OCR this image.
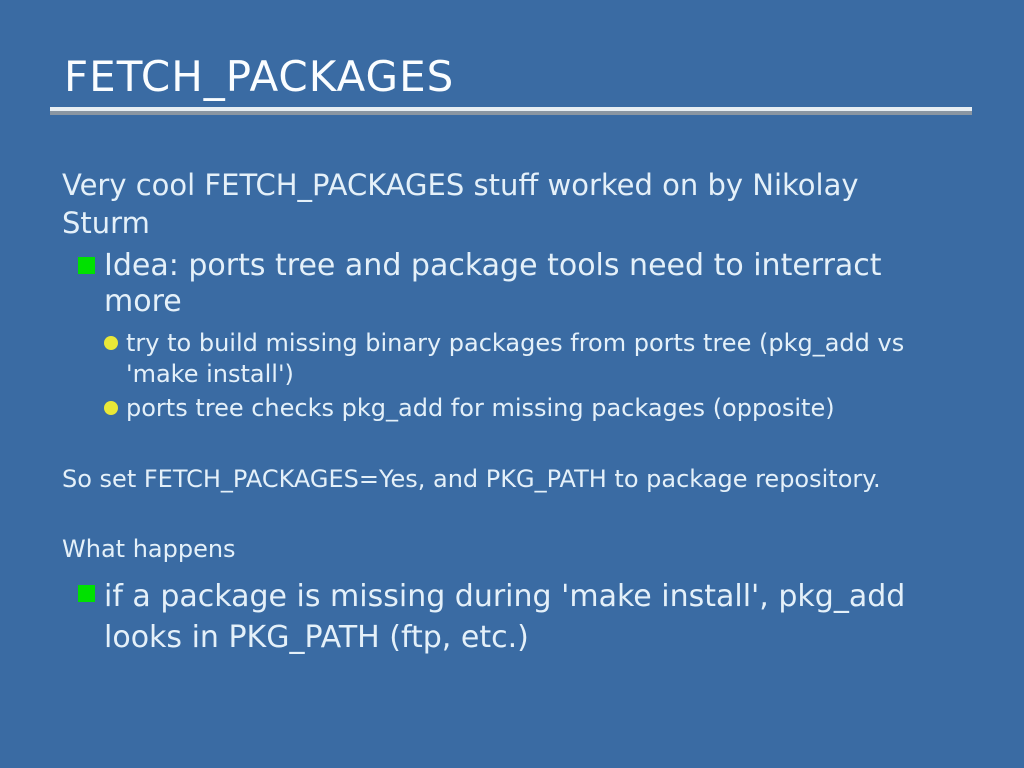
FETCH_PACKAGES
Very cool FETCH_PACKAGES stuff worked on by Nikolay
Sturm
Idea: ports tree and package tools need to interract
more
try to build missing binary packages from ports tree (pkg_add vs
'make install')
ports tree checks pkg_add for missing packages (opposite)
So set FETCH_PACKAGES=Yes, and PKG_PATH to package repository.
What happens
if a package is missing during 'make install', pkg_add
looks in PKG_PATH (ftp, etc.)
